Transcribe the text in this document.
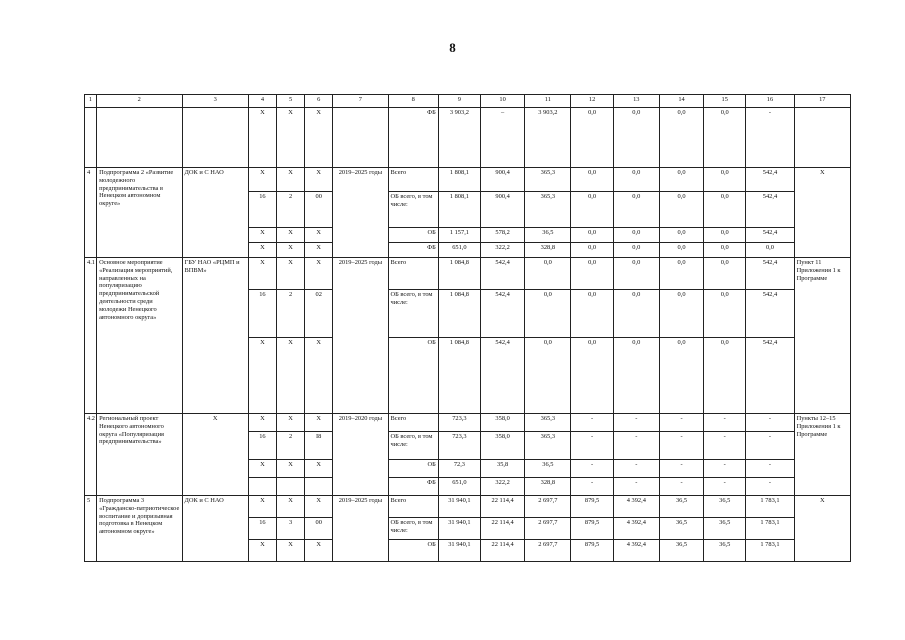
8
1	2	3	4	5	6	7	8	9	10	11	12	13	14	15	16	17
			Х	Х	Х		ФБ	3 903,2	–	3 903,2	0,0	0,0	0,0	0,0	-	
4	Подпрограмма 2 «Развитие молодежного предпринимательства в Ненецком автономном округе»	ДОК и С НАО	Х	Х	Х	2019–2025 годы	Всего	1 808,1	900,4	365,3	0,0	0,0	0,0	0,0	542,4	Х
			16	2	00		ОБ всего, в том числе:	1 808,1	900,4	365,3	0,0	0,0	0,0	0,0	542,4	
			Х	Х	Х		ОБ	1 157,1	578,2	36,5	0,0	0,0	0,0	0,0	542,4	
			Х	Х	Х		ФБ	651,0	322,2	328,8	0,0	0,0	0,0	0,0	0,0	
4.1	Основное мероприятие «Реализация мероприятий, направленных на популяризацию предпринимательской деятельности среди молодежи Ненецкого автономного округа»	ГБУ НАО «РЦМП и ВПВМ»	Х	Х	Х	2019–2025 годы	Всего	1 084,8	542,4	0,0	0,0	0,0	0,0	0,0	542,4	Пункт 11 Приложения 1 к Программе
			16	2	02		ОБ всего, в том числе:	1 084,8	542,4	0,0	0,0	0,0	0,0	0,0	542,4	
			Х	Х	Х		ОБ	1 084,8	542,4	0,0	0,0	0,0	0,0	0,0	542,4	
4.2	Региональный проект Ненецкого автономного округа «Популяризация предпринимательства»	Х	Х	Х	Х	2019–2020 годы	Всего	723,3	358,0	365,3	-	-	-	-	-	Пункты 12–15 Приложения 1 к Программе
			16	2	I8		ОБ всего, в том числе:	723,3	358,0	365,3	-	-	-	-	-	
			Х	Х	Х		ОБ	72,3	35,8	36,5	-	-	-	-	-	
							ФБ	651,0	322,2	328,8	-	-	-	-	-	
5	Подпрограмма 3 «Гражданско-патриотическое воспитание и допризывная подготовка в Ненецком автономном округе»	ДОК и С НАО	Х	Х	Х	2019–2025 годы	Всего	31 940,1	22 114,4	2 697,7	879,5	4 392,4	36,5	36,5	1 783,1	Х
			16	3	00		ОБ всего, в том числе:	31 940,1	22 114,4	2 697,7	879,5	4 392,4	36,5	36,5	1 783,1	
			Х	Х	Х		ОБ	31 940,1	22 114,4	2 697,7	879,5	4 392,4	36,5	36,5	1 783,1	
